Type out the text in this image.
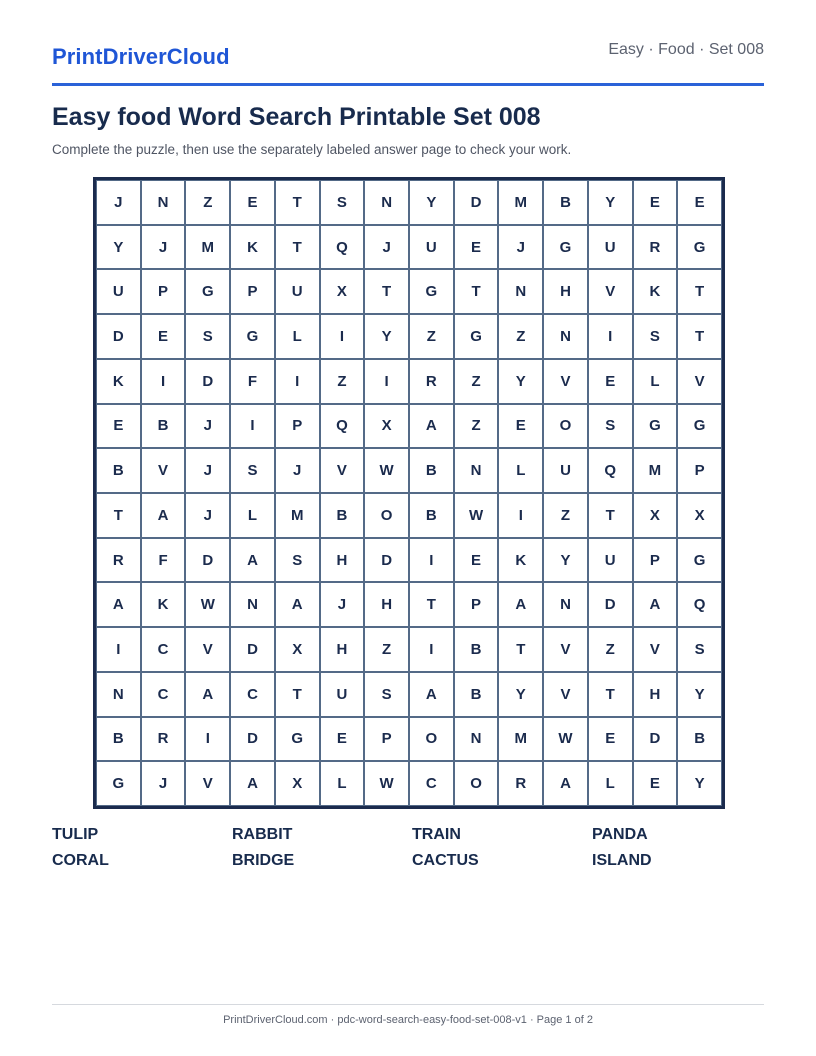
PrintDriverCloud	Easy · Food · Set 008
Easy food Word Search Printable Set 008
Complete the puzzle, then use the separately labeled answer page to check your work.
J	N	Z	E	T	S	N	Y	D	M	B	Y	E	E
Y	J	M	K	T	Q	J	U	E	J	G	U	R	G
U	P	G	P	U	X	T	G	T	N	H	V	K	T
D	E	S	G	L	I	Y	Z	G	Z	N	I	S	T
K	I	D	F	I	Z	I	R	Z	Y	V	E	L	V
E	B	J	I	P	Q	X	A	Z	E	O	S	G	G
B	V	J	S	J	V	W	B	N	L	U	Q	M	P
T	A	J	L	M	B	O	B	W	I	Z	T	X	X
R	F	D	A	S	H	D	I	E	K	Y	U	P	G
A	K	W	N	A	J	H	T	P	A	N	D	A	Q
I	C	V	D	X	H	Z	I	B	T	V	Z	V	S
N	C	A	C	T	U	S	A	B	Y	V	T	H	Y
B	R	I	D	G	E	P	O	N	M	W	E	D	B
G	J	V	A	X	L	W	C	O	R	A	L	E	Y
TULIP	RABBIT	TRAIN	PANDA
CORAL	BRIDGE	CACTUS	ISLAND
PrintDriverCloud.com · pdc-word-search-easy-food-set-008-v1 · Page 1 of 2
